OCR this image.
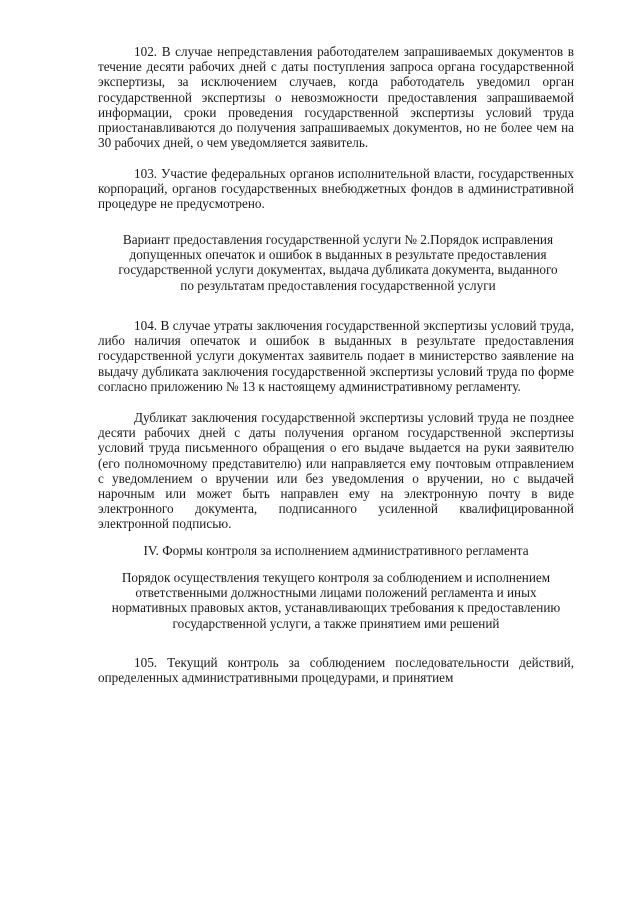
102. В случае непредставления работодателем запрашиваемых документов в течение десяти рабочих дней с даты поступления запроса органа государственной экспертизы, за исключением случаев, когда работодатель уведомил орган государственной экспертизы о невозможности предоставления запрашиваемой информации, сроки проведения государственной экспертизы условий труда приостанавливаются до получения запрашиваемых документов, но не более чем на 30 рабочих дней, о чем уведомляется заявитель.

103. Участие федеральных органов исполнительной власти, государственных корпораций, органов государственных внебюджетных фондов в административной процедуре не предусмотрено.

Вариант предоставления государственной услуги № 2.Порядок исправления допущенных опечаток и ошибок в выданных в результате предоставления государственной услуги документах, выдача дубликата документа, выданного по результатам предоставления государственной услуги

104. В случае утраты заключения государственной экспертизы условий труда, либо наличия опечаток и ошибок в выданных в результате предоставления государственной услуги документах заявитель подает в министерство заявление на выдачу дубликата заключения государственной экспертизы условий труда по форме согласно приложению № 13 к настоящему административному регламенту.

Дубликат заключения государственной экспертизы условий труда не позднее десяти рабочих дней с даты получения органом государственной экспертизы условий труда письменного обращения о его выдаче выдается на руки заявителю (его полномочному представителю) или направляется ему почтовым отправлением с уведомлением о вручении или без уведомления о вручении, но с выдачей нарочным или может быть направлен ему на электронную почту в виде электронного документа, подписанного усиленной квалифицированной электронной подписью.

IV. Формы контроля за исполнением административного регламента

Порядок осуществления текущего контроля за соблюдением и исполнением ответственными должностными лицами положений регламента и иных нормативных правовых актов, устанавливающих требования к предоставлению государственной услуги, а также принятием ими решений

105. Текущий контроль за соблюдением последовательности действий, определенных административными процедурами, и принятием
